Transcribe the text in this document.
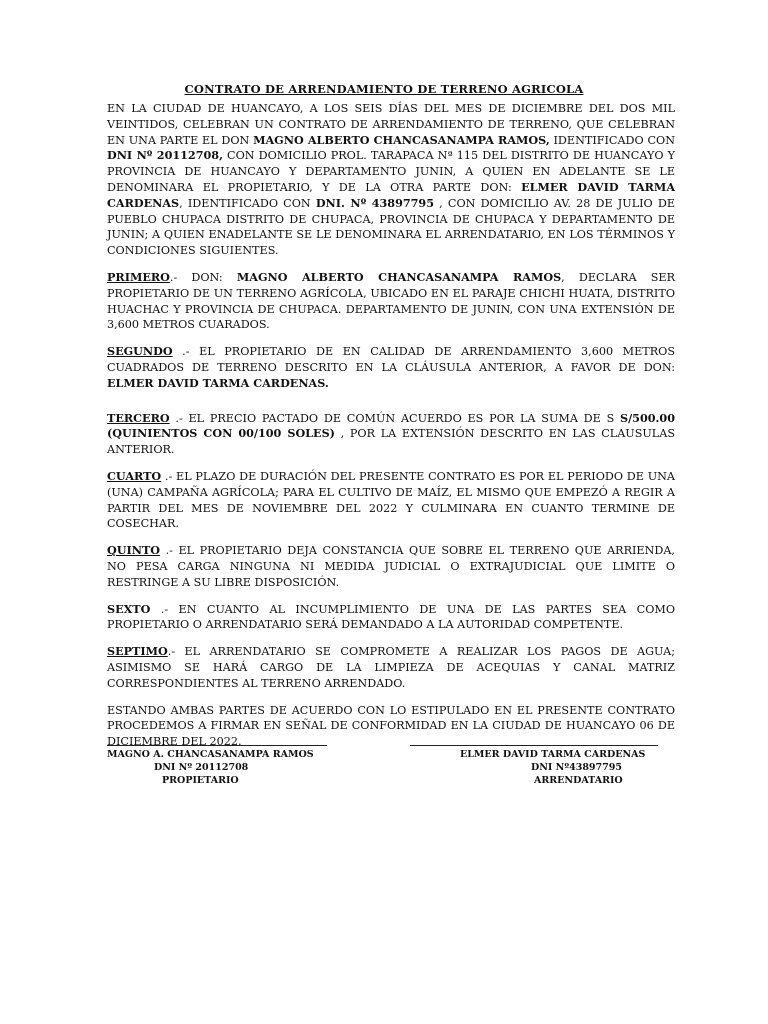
CONTRATO DE ARRENDAMIENTO DE TERRENO AGRICOLA

EN LA CIUDAD DE HUANCAYO, A LOS SEIS DÍAS DEL MES DE DICIEMBRE DEL DOS MIL VEINTIDOS, CELEBRAN UN CONTRATO DE ARRENDAMIENTO DE TERRENO, QUE CELEBRAN EN UNA PARTE EL DON MAGNO ALBERTO CHANCASANAMPA RAMOS, IDENTIFICADO CON DNI Nº 20112708, CON DOMICILIO PROL. TARAPACA Nª 115 DEL DISTRITO DE HUANCAYO Y PROVINCIA DE HUANCAYO Y DEPARTAMENTO JUNIN, A QUIEN EN ADELANTE SE LE DENOMINARA EL PROPIETARIO, Y DE LA OTRA PARTE DON: ELMER DAVID TARMA CARDENAS, IDENTIFICADO CON DNI. Nº 43897795 , CON DOMICILIO AV. 28 DE JULIO DE PUEBLO CHUPACA DISTRITO DE CHUPACA, PROVINCIA DE CHUPACA Y DEPARTAMENTO DE JUNIN; A QUIEN ENADELANTE SE LE DENOMINARA EL ARRENDATARIO, EN LOS TÉRMINOS Y CONDICIONES SIGUIENTES.

PRIMERO.- DON: MAGNO ALBERTO CHANCASANAMPA RAMOS, DECLARA SER PROPIETARIO DE UN TERRENO AGRÍCOLA, UBICADO EN EL PARAJE CHICHI HUATA, DISTRITO HUACHAC Y PROVINCIA DE CHUPACA. DEPARTAMENTO DE JUNIN, CON UNA EXTENSIÓN DE 3,600 METROS CUARADOS.

SEGUNDO .- EL PROPIETARIO DE EN CALIDAD DE ARRENDAMIENTO 3,600 METROS CUADRADOS DE TERRENO DESCRITO EN LA CLÁUSULA ANTERIOR, A FAVOR DE DON: ELMER DAVID TARMA CARDENAS.

TERCERO .- EL PRECIO PACTADO DE COMÚN ACUERDO ES POR LA SUMA DE S S/500.00 (QUINIENTOS CON 00/100 SOLES) , POR LA EXTENSIÓN DESCRITO EN LAS CLAUSULAS ANTERIOR.

CUARTO .- EL PLAZO DE DURACIÓN DEL PRESENTE CONTRATO ES POR EL PERIODO DE UNA (UNA) CAMPAÑA AGRÍCOLA; PARA EL CULTIVO DE MAÍZ, EL MISMO QUE EMPEZÓ A REGIR A PARTIR DEL MES DE NOVIEMBRE DEL 2022 Y CULMINARA EN CUANTO TERMINE DE COSECHAR.

QUINTO .- EL PROPIETARIO DEJA CONSTANCIA QUE SOBRE EL TERRENO QUE ARRIENDA, NO PESA CARGA NINGUNA NI MEDIDA JUDICIAL O EXTRAJUDICIAL QUE LIMITE O RESTRINGE A SU LIBRE DISPOSICIÓN.

SEXTO .- EN CUANTO AL INCUMPLIMIENTO DE UNA DE LAS PARTES SEA COMO PROPIETARIO O ARRENDATARIO SERÁ DEMANDADO A LA AUTORIDAD COMPETENTE.

SEPTIMO.- EL ARRENDATARIO SE COMPROMETE A REALIZAR LOS PAGOS DE AGUA; ASIMISMO SE HARÁ CARGO DE LA LIMPIEZA DE ACEQUIAS Y CANAL MATRIZ CORRESPONDIENTES AL TERRENO ARRENDADO.

ESTANDO AMBAS PARTES DE ACUERDO CON LO ESTIPULADO EN EL PRESENTE CONTRATO PROCEDEMOS A FIRMAR EN SEÑAL DE CONFORMIDAD EN LA CIUDAD DE HUANCAYO 06 DE DICIEMBRE DEL 2022.

MAGNO A. CHANCASANAMPA RAMOS
DNI Nº 20112708
PROPIETARIO
ELMER DAVID TARMA CARDENAS
DNI Nº43897795
ARRENDATARIO
